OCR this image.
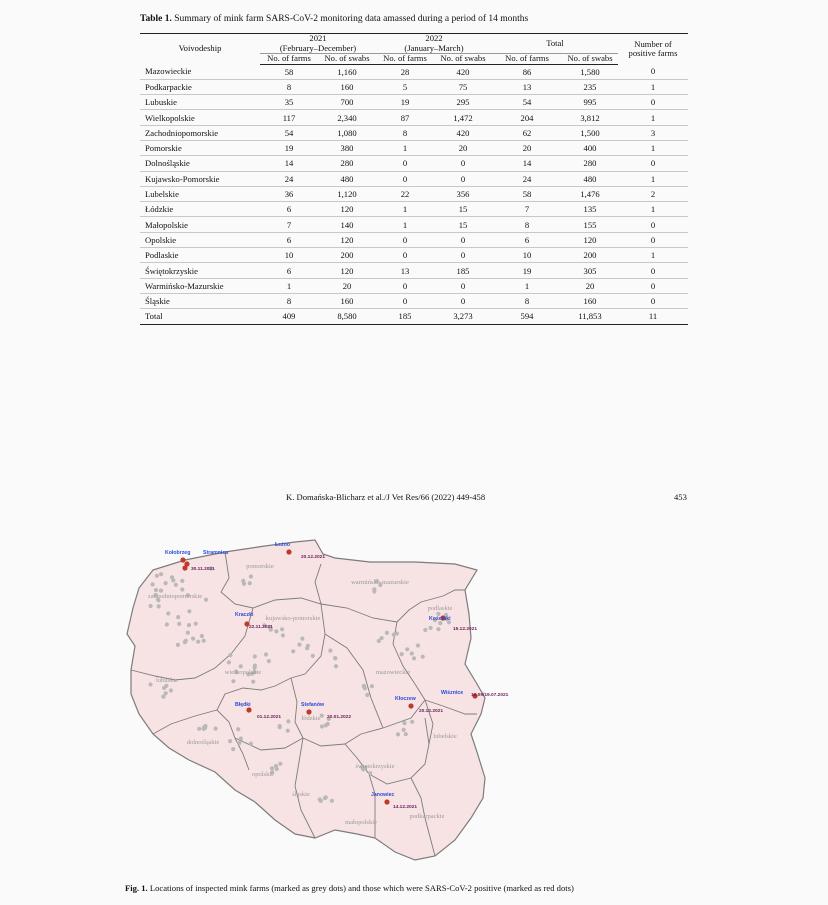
Table 1. Summary of mink farm SARS-CoV-2 monitoring data amassed during a period of 14 months
Voivodeship	2021
(February–December)		2022
(January–March)		Total		Number of positive farms
	No. of farms	No. of swabs	No. of farms	No. of swabs	No. of farms	No. of swabs	
Mazowieckie	58	1,160	28	420	86	1,580	0
Podkarpackie	8	160	5	75	13	235	1
Lubuskie	35	700	19	295	54	995	0
Wielkopolskie	117	2,340	87	1,472	204	3,812	1
Zachodniopomorskie	54	1,080	8	420	62	1,500	3
Pomorskie	19	380	1	20	20	400	1
Dolnośląskie	14	280	0	0	14	280	0
Kujawsko-Pomorskie	24	480	0	0	24	480	1
Lubelskie	36	1,120	22	356	58	1,476	2
Łódzkie	6	120	1	15	7	135	1
Małopolskie	7	140	1	15	8	155	0
Opolskie	6	120	0	0	6	120	0
Podlaskie	10	200	0	0	10	200	1
Świętokrzyskie	6	120	13	185	19	305	0
Warmińsko-Mazurskie	1	20	0	0	1	20	0
Śląskie	8	160	0	0	8	160	0
Total	409	8,580	185	3,273	594	11,853	11
K. Domańska-Blicharz et al./J Vet Res/66 (2022) 449-458	453
pomorskie
zachodniopomorskie
warmińsko-mazurskie
podlaskie
kujawsko-pomorskie
lubuskie
wielkopolskie	mazowieckie
łódzkie
lubelskie
dolnośląskie
opolskie
śląskie
świętokrzyskie
małopolskie
podkarpackie
Łeźno
20.12.2021
Kołobrzeg Stramnica
30.11.2021
Kraczki
22.11.2021
Kościuki
15.12.2021
Wiśznice 16.09/19.07.2021
Kłoczew
20.12.2021
Stefanów
20.01.2022
Błędki
01.12.2021
Janowiec
14.12.2021
Fig. 1. Locations of inspected mink farms (marked as grey dots) and those which were SARS-CoV-2 positive (marked as red dots)
